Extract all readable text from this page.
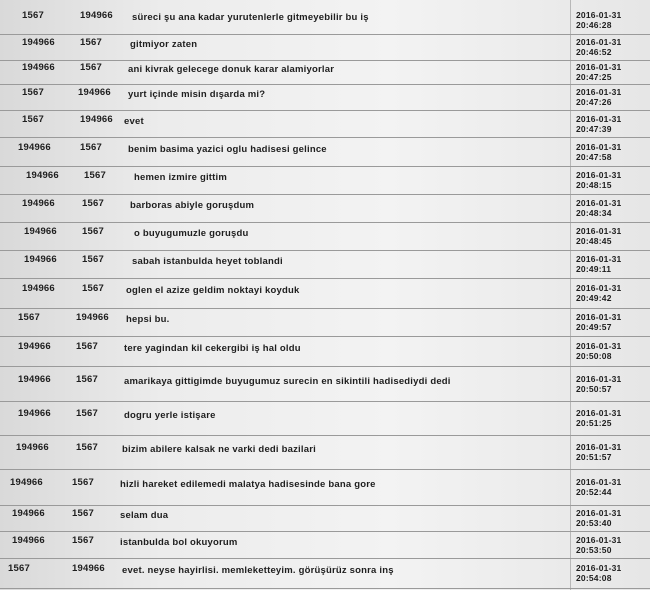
1567	194966	süreci şu ana kadar yurutenlerle gitmeyebilir bu iş	2016-01-31
20:46:28
194966	1567	gitmiyor zaten	2016-01-31
20:46:52
194966	1567	ani kivrak gelecege donuk karar alamiyorlar	2016-01-31
20:47:25
1567	194966	yurt içinde misin dışarda mi?	2016-01-31
20:47:26
1567	194966	evet	2016-01-31
20:47:39
194966	1567	benim basima yazici oglu hadisesi gelince	2016-01-31
20:47:58
194966	1567	hemen izmire gittim	2016-01-31
20:48:15
194966	1567	barboras abiyle goruşdum	2016-01-31
20:48:34
194966	1567	o buyugumuzle goruşdu	2016-01-31
20:48:45
194966	1567	sabah istanbulda heyet toblandi	2016-01-31
20:49:11
194966	1567	oglen el azize geldim noktayi koyduk	2016-01-31
20:49:42
1567	194966	hepsi bu.	2016-01-31
20:49:57
194966	1567	tere yagindan kil cekergibi iş hal oldu	2016-01-31
20:50:08
194966	1567	amarikaya gittigimde buyugumuz surecin en sikintili hadisediydi dedi	2016-01-31
20:50:57
194966	1567	dogru yerle istişare	2016-01-31
20:51:25
194966	1567	bizim abilere kalsak ne varki dedi bazilari	2016-01-31
20:51:57
194966	1567	hizli hareket edilemedi malatya hadisesinde bana gore	2016-01-31
20:52:44
194966	1567	selam dua	2016-01-31
20:53:40
194966	1567	istanbulda bol okuyorum	2016-01-31
20:53:50
1567	194966	evet. neyse hayirlisi. memleketteyim. görüşürüz sonra inş	2016-01-31
20:54:08
